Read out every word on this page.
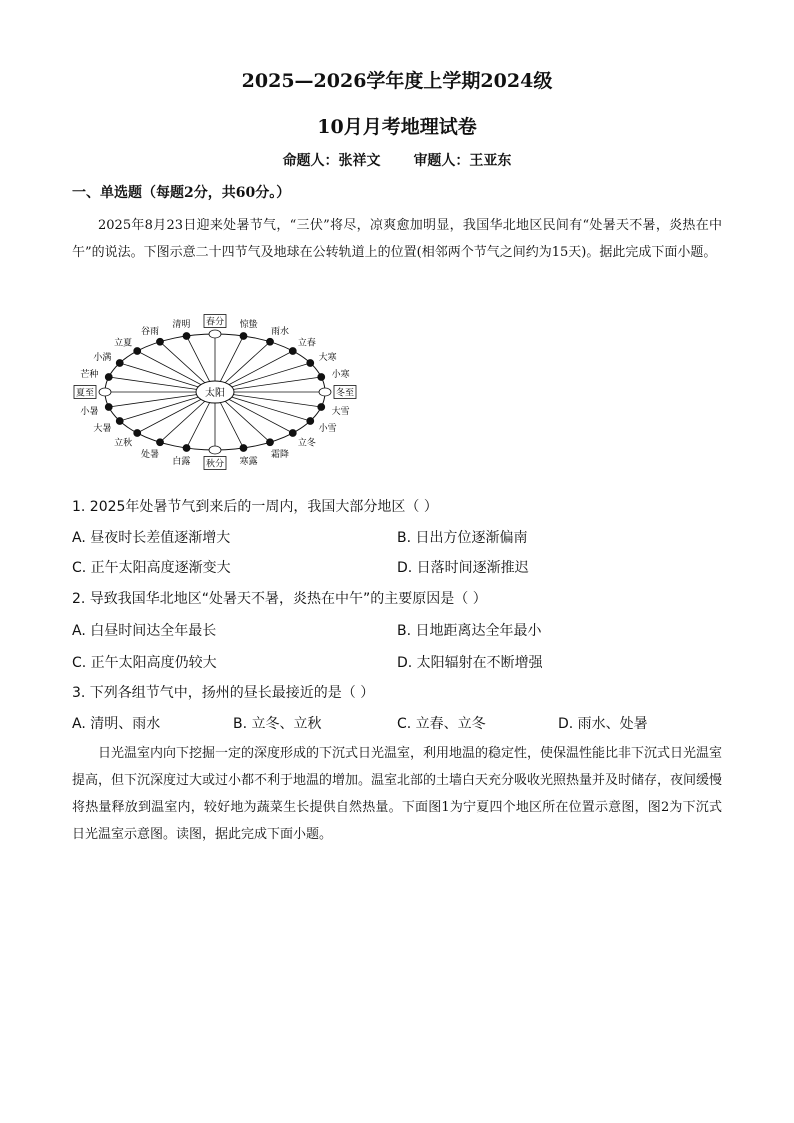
2025—2026学年度上学期2024级
10月月考地理试卷
命题人：张祥文 审题人：王亚东
一、单选题（每题2分，共60分。）
2025年8月23日迎来处暑节气，“三伏”将尽，凉爽愈加明显，我国华北地区民间有“处暑天不暑，炎热在中午”的说法。下图示意二十四节气及地球在公转轨道上的位置(相邻两个节气之间约为15天)。据此完成下面小题。
太阳
春分 惊蛰
雨水
立春
大寒
小寒
冬至
大雪
小雪
立冬
霜降
寒露
秋分
白露
处暑
立秋
大暑
小暑
夏至
芒种
小满
立夏
谷雨
清明
1. 2025年处暑节气到来后的一周内，我国大部分地区（ ）
A. 昼夜时长差值逐渐增大	B. 日出方位逐渐偏南
C. 正午太阳高度逐渐变大	D. 日落时间逐渐推迟
2. 导致我国华北地区“处暑天不暑，炎热在中午”的主要原因是（ ）
A. 白昼时间达全年最长	B. 日地距离达全年最小
C. 正午太阳高度仍较大	D. 太阳辐射在不断增强
3. 下列各组节气中，扬州的昼长最接近的是（ ）
A. 清明、雨水	B. 立冬、立秋	C. 立春、立冬	D. 雨水、处暑
日光温室内向下挖掘一定的深度形成的下沉式日光温室，利用地温的稳定性，使保温性能比非下沉式日光温室提高，但下沉深度过大或过小都不利于地温的增加。温室北部的土墙白天充分吸收光照热量并及时储存，夜间缓慢将热量释放到温室内，较好地为蔬菜生长提供自然热量。下面图1为宁夏四个地区所在位置示意图，图2为下沉式日光温室示意图。读图，据此完成下面小题。
